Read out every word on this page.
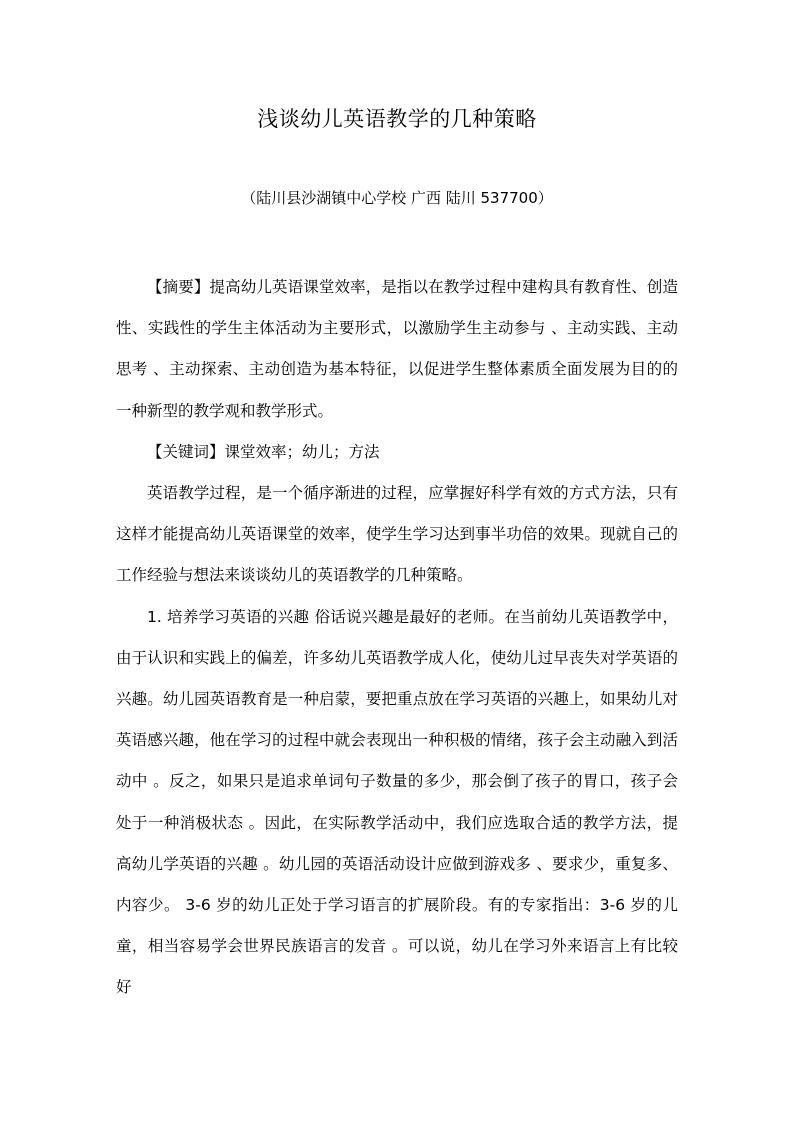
浅谈幼儿英语教学的几种策略
（陆川县沙湖镇中心学校 广西 陆川 537700）

【摘要】提高幼儿英语课堂效率，是指以在教学过程中建构具有教育性、创造性、实践性的学生主体活动为主要形式，以激励学生主动参与 、主动实践、主动思考 、主动探索、主动创造为基本特征，以促进学生整体素质全面发展为目的的一种新型的教学观和教学形式。

【关键词】课堂效率；幼儿；方法

英语教学过程，是一个循序渐进的过程，应掌握好科学有效的方式方法，只有这样才能提高幼儿英语课堂的效率，使学生学习达到事半功倍的效果。现就自己的工作经验与想法来谈谈幼儿的英语教学的几种策略。

1. 培养学习英语的兴趣 俗话说兴趣是最好的老师。在当前幼儿英语教学中，由于认识和实践上的偏差，许多幼儿英语教学成人化，使幼儿过早丧失对学英语的兴趣。幼儿园英语教育是一种启蒙，要把重点放在学习英语的兴趣上，如果幼儿对英语感兴趣，他在学习的过程中就会表现出一种积极的情绪，孩子会主动融入到活动中 。反之，如果只是追求单词句子数量的多少，那会倒了孩子的胃口，孩子会处于一种消极状态 。因此，在实际教学活动中，我们应选取合适的教学方法，提高幼儿学英语的兴趣 。幼儿园的英语活动设计应做到游戏多 、要求少，重复多、内容少。 3-6 岁的幼儿正处于学习语言的扩展阶段。有的专家指出：3-6 岁的儿童，相当容易学会世界民族语言的发音 。可以说，幼儿在学习外来语言上有比较好
